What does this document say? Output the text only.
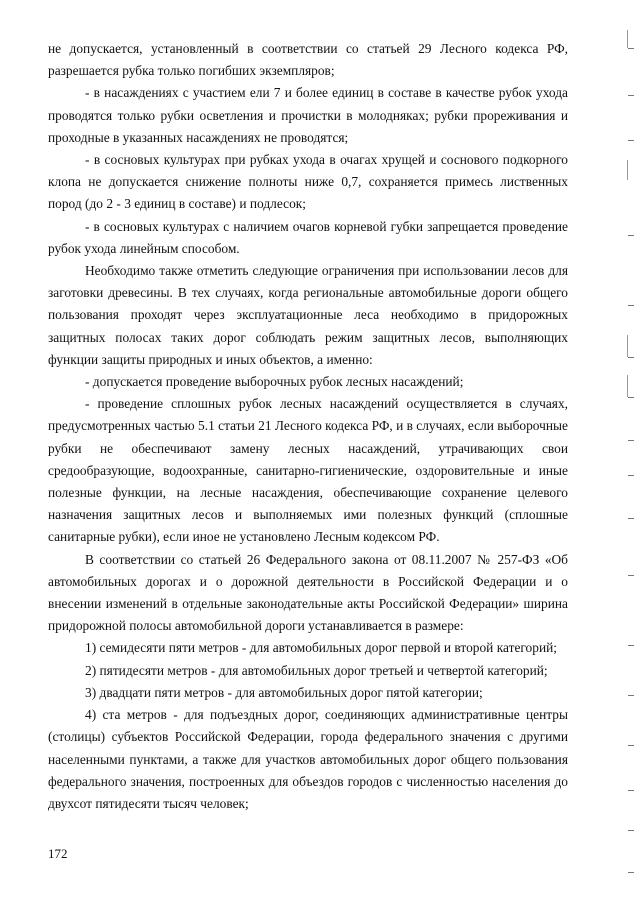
не допускается, установленный в соответствии со статьей 29 Лесного кодекса РФ, разрешается рубка только погибших экземпляров;

- в насаждениях с участием ели 7 и более единиц в составе в качестве рубок ухода проводятся только рубки осветления и прочистки в молодняках; рубки прореживания и проходные в указанных насаждениях не проводятся;

- в сосновых культурах при рубках ухода в очагах хрущей и соснового подкорного клопа не допускается снижение полноты ниже 0,7, сохраняется примесь лиственных пород (до 2 - 3 единиц в составе) и подлесок;

- в сосновых культурах с наличием очагов корневой губки запрещается проведение рубок ухода линейным способом.

Необходимо также отметить следующие ограничения при использовании лесов для заготовки древесины. В тех случаях, когда региональные автомобильные дороги общего пользования проходят через эксплуатационные леса необходимо в придорожных защитных полосах таких дорог соблюдать режим защитных лесов, выполняющих функции защиты природных и иных объектов, а именно:

- допускается проведение выборочных рубок лесных насаждений;

- проведение сплошных рубок лесных насаждений осуществляется в случаях, предусмотренных частью 5.1 статьи 21 Лесного кодекса РФ, и в случаях, если выборочные рубки не обеспечивают замену лесных насаждений, утрачивающих свои средообразующие, водоохранные, санитарно-гигиенические, оздоровительные и иные полезные функции, на лесные насаждения, обеспечивающие сохранение целевого назначения защитных лесов и выполняемых ими полезных функций (сплошные санитарные рубки), если иное не установлено Лесным кодексом РФ.

В соответствии со статьей 26 Федерального закона от 08.11.2007 № 257-ФЗ «Об автомобильных дорогах и о дорожной деятельности в Российской Федерации и о внесении изменений в отдельные законодательные акты Российской Федерации» ширина придорожной полосы автомобильной дороги устанавливается в размере:

1) семидесяти пяти метров - для автомобильных дорог первой и второй категорий;

2) пятидесяти метров - для автомобильных дорог третьей и четвертой категорий;

3) двадцати пяти метров - для автомобильных дорог пятой категории;

4) ста метров - для подъездных дорог, соединяющих административные центры (столицы) субъектов Российской Федерации, города федерального значения с другими населенными пунктами, а также для участков автомобильных дорог общего пользования федерального значения, построенных для объездов городов с численностью населения до двухсот пятидесяти тысяч человек;

172
